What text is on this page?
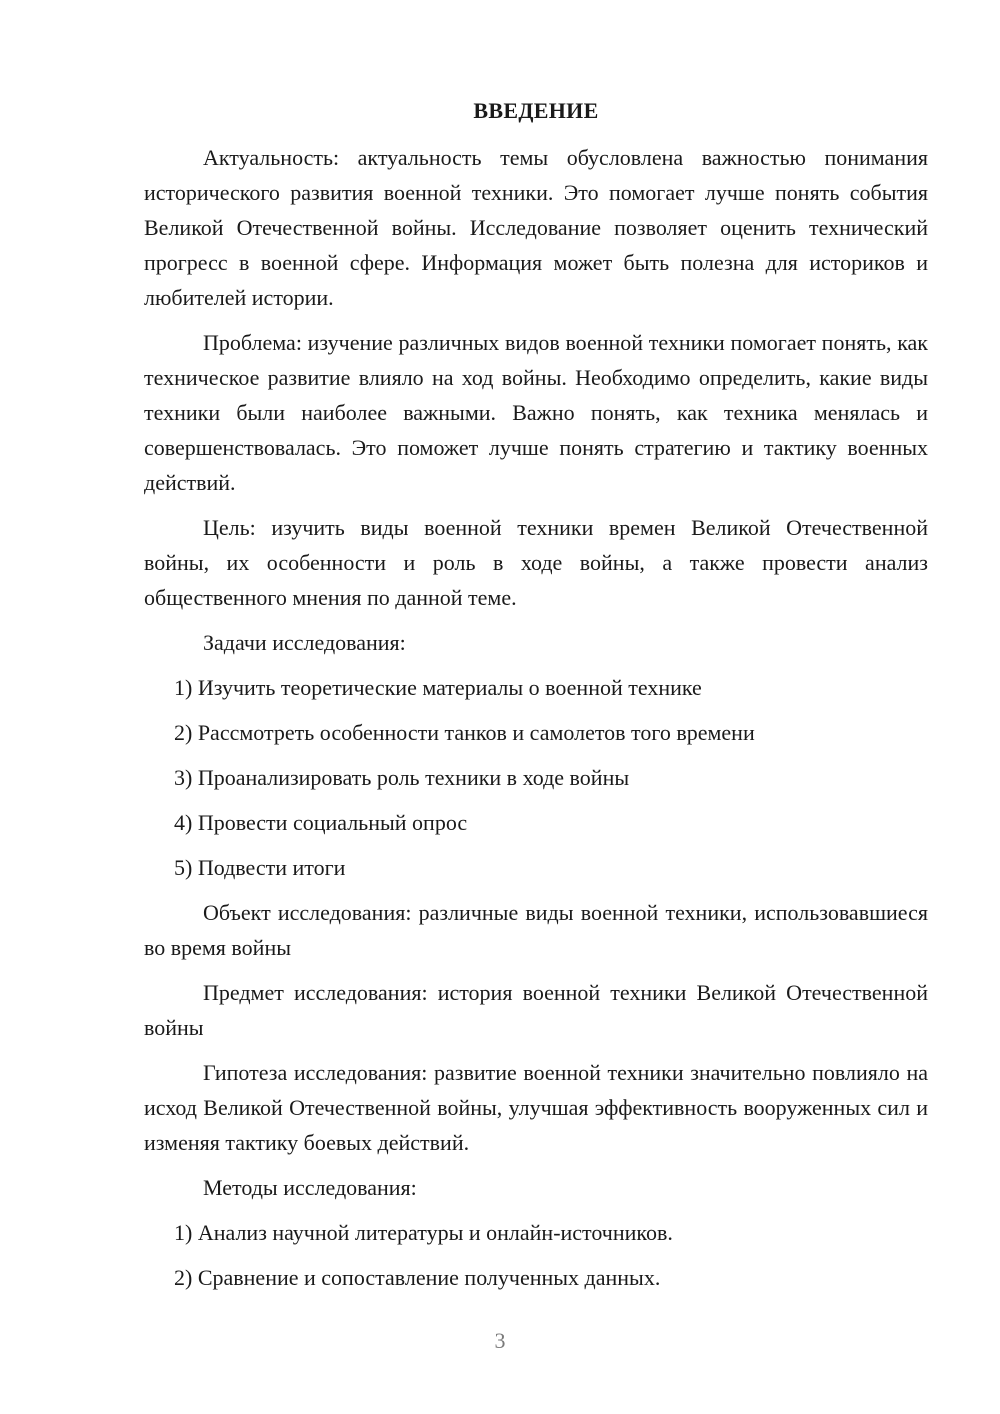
ВВЕДЕНИЕ

Актуальность: актуальность темы обусловлена важностью понимания исторического развития военной техники. Это помогает лучше понять события Великой Отечественной войны. Исследование позволяет оценить технический прогресс в военной сфере. Информация может быть полезна для историков и любителей истории.

Проблема: изучение различных видов военной техники помогает понять, как техническое развитие влияло на ход войны. Необходимо определить, какие виды техники были наиболее важными. Важно понять, как техника менялась и совершенствовалась. Это поможет лучше понять стратегию и тактику военных действий.

Цель: изучить виды военной техники времен Великой Отечественной войны, их особенности и роль в ходе войны, а также провести анализ общественного мнения по данной теме.

Задачи исследования:

1) Изучить теоретические материалы о военной технике
2) Рассмотреть особенности танков и самолетов того времени
3) Проанализировать роль техники в ходе войны
4) Провести социальный опрос
5) Подвести итоги

Объект исследования: различные виды военной техники, использовавшиеся во время войны

Предмет исследования: история военной техники Великой Отечественной войны

Гипотеза исследования: развитие военной техники значительно повлияло на исход Великой Отечественной войны, улучшая эффективность вооруженных сил и изменяя тактику боевых действий.

Методы исследования:

1) Анализ научной литературы и онлайн-источников.
2) Сравнение и сопоставление полученных данных.
3
